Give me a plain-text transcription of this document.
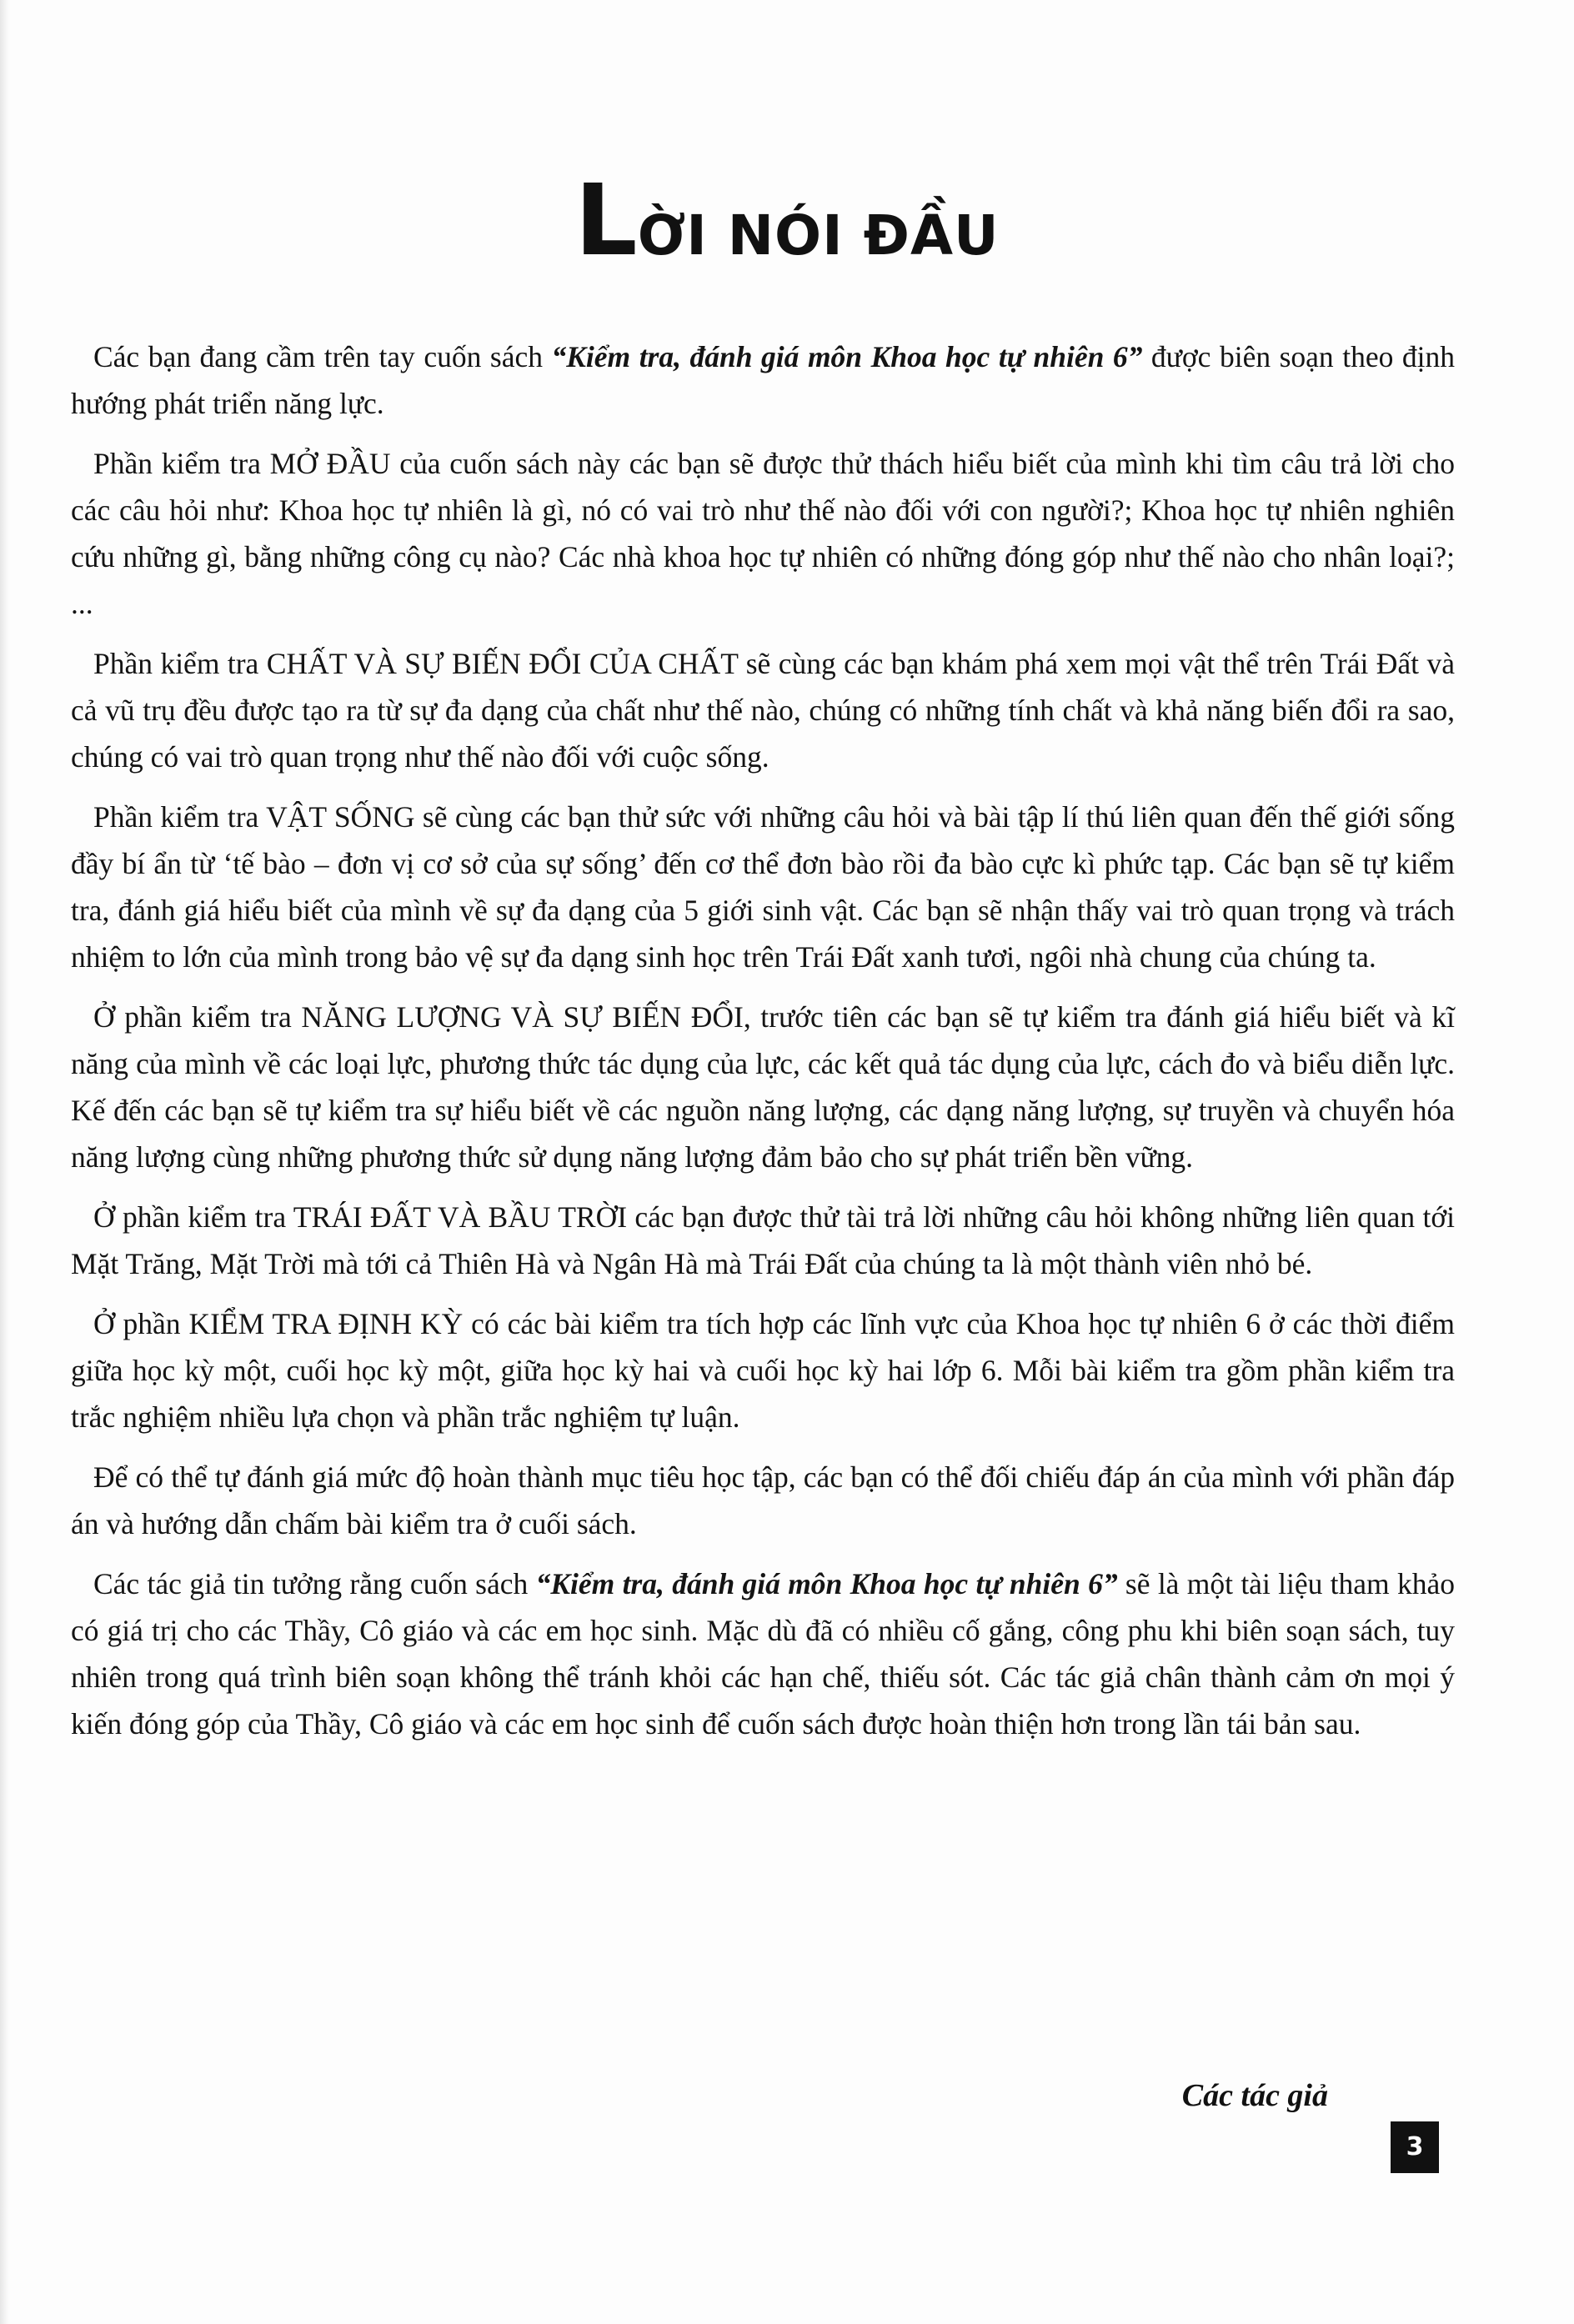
LỜI NÓI ĐẦU

Các bạn đang cầm trên tay cuốn sách “Kiểm tra, đánh giá môn Khoa học tự nhiên 6” được biên soạn theo định hướng phát triển năng lực.

Phần kiểm tra MỞ ĐẦU của cuốn sách này các bạn sẽ được thử thách hiểu biết của mình khi tìm câu trả lời cho các câu hỏi như: Khoa học tự nhiên là gì, nó có vai trò như thế nào đối với con người?; Khoa học tự nhiên nghiên cứu những gì, bằng những công cụ nào? Các nhà khoa học tự nhiên có những đóng góp như thế nào cho nhân loại?; ...

Phần kiểm tra CHẤT VÀ SỰ BIẾN ĐỔI CỦA CHẤT sẽ cùng các bạn khám phá xem mọi vật thể trên Trái Đất và cả vũ trụ đều được tạo ra từ sự đa dạng của chất như thế nào, chúng có những tính chất và khả năng biến đổi ra sao, chúng có vai trò quan trọng như thế nào đối với cuộc sống.

Phần kiểm tra VẬT SỐNG sẽ cùng các bạn thử sức với những câu hỏi và bài tập lí thú liên quan đến thế giới sống đầy bí ẩn từ ‘tế bào – đơn vị cơ sở của sự sống’ đến cơ thể đơn bào rồi đa bào cực kì phức tạp. Các bạn sẽ tự kiểm tra, đánh giá hiểu biết của mình về sự đa dạng của 5 giới sinh vật. Các bạn sẽ nhận thấy vai trò quan trọng và trách nhiệm to lớn của mình trong bảo vệ sự đa dạng sinh học trên Trái Đất xanh tươi, ngôi nhà chung của chúng ta.

Ở phần kiểm tra NĂNG LƯỢNG VÀ SỰ BIẾN ĐỔI, trước tiên các bạn sẽ tự kiểm tra đánh giá hiểu biết và kĩ năng của mình về các loại lực, phương thức tác dụng của lực, các kết quả tác dụng của lực, cách đo và biểu diễn lực. Kế đến các bạn sẽ tự kiểm tra sự hiểu biết về các nguồn năng lượng, các dạng năng lượng, sự truyền và chuyển hóa năng lượng cùng những phương thức sử dụng năng lượng đảm bảo cho sự phát triển bền vững.

Ở phần kiểm tra TRÁI ĐẤT VÀ BẦU TRỜI các bạn được thử tài trả lời những câu hỏi không những liên quan tới Mặt Trăng, Mặt Trời mà tới cả Thiên Hà và Ngân Hà mà Trái Đất của chúng ta là một thành viên nhỏ bé.

Ở phần KIỂM TRA ĐỊNH KỲ có các bài kiểm tra tích hợp các lĩnh vực của Khoa học tự nhiên 6 ở các thời điểm giữa học kỳ một, cuối học kỳ một, giữa học kỳ hai và cuối học kỳ hai lớp 6. Mỗi bài kiểm tra gồm phần kiểm tra trắc nghiệm nhiều lựa chọn và phần trắc nghiệm tự luận.

Để có thể tự đánh giá mức độ hoàn thành mục tiêu học tập, các bạn có thể đối chiếu đáp án của mình với phần đáp án và hướng dẫn chấm bài kiểm tra ở cuối sách.

Các tác giả tin tưởng rằng cuốn sách “Kiểm tra, đánh giá môn Khoa học tự nhiên 6” sẽ là một tài liệu tham khảo có giá trị cho các Thầy, Cô giáo và các em học sinh. Mặc dù đã có nhiều cố gắng, công phu khi biên soạn sách, tuy nhiên trong quá trình biên soạn không thể tránh khỏi các hạn chế, thiếu sót. Các tác giả chân thành cảm ơn mọi ý kiến đóng góp của Thầy, Cô giáo và các em học sinh để cuốn sách được hoàn thiện hơn trong lần tái bản sau.

Các tác giả
3
